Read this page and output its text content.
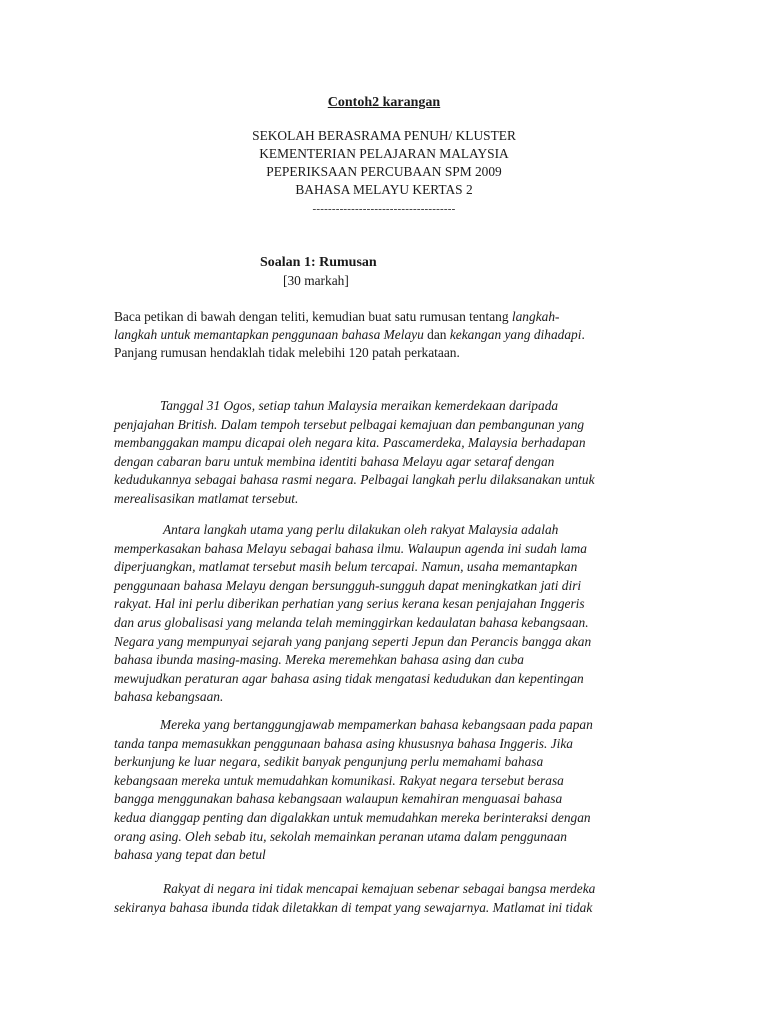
Contoh2 karangan
SEKOLAH BERASRAMA PENUH/ KLUSTER
KEMENTERIAN PELAJARAN MALAYSIA
PEPERIKSAAN PERCUBAAN SPM 2009
BAHASA MELAYU KERTAS 2
-------------------------------------
Soalan 1: Rumusan
[30 markah]
Baca petikan di bawah dengan teliti, kemudian buat satu rumusan tentang langkah-
langkah untuk memantapkan penggunaan bahasa Melayu dan kekangan yang dihadapi.
Panjang rumusan hendaklah tidak melebihi 120 patah perkataan.
Tanggal 31 Ogos, setiap tahun Malaysia meraikan kemerdekaan daripada
penjajahan British. Dalam tempoh tersebut pelbagai kemajuan dan pembangunan yang
membanggakan mampu dicapai oleh negara kita. Pascamerdeka, Malaysia berhadapan
dengan cabaran baru untuk membina identiti bahasa Melayu agar setaraf dengan
kedudukannya sebagai bahasa rasmi negara. Pelbagai langkah perlu dilaksanakan untuk
merealisasikan matlamat tersebut.
Antara langkah utama yang perlu dilakukan oleh rakyat Malaysia adalah
memperkasakan bahasa Melayu sebagai bahasa ilmu. Walaupun agenda ini sudah lama
diperjuangkan, matlamat tersebut masih belum tercapai. Namun, usaha memantapkan
penggunaan bahasa Melayu dengan bersungguh-sungguh dapat meningkatkan jati diri
rakyat. Hal ini perlu diberikan perhatian yang serius kerana kesan penjajahan Inggeris
dan arus globalisasi yang melanda telah meminggirkan kedaulatan bahasa kebangsaan.
Negara yang mempunyai sejarah yang panjang seperti Jepun dan Perancis bangga akan
bahasa ibunda masing-masing. Mereka meremehkan bahasa asing dan cuba
mewujudkan peraturan agar bahasa asing tidak mengatasi kedudukan dan kepentingan
bahasa kebangsaan.
Mereka yang bertanggungjawab mempamerkan bahasa kebangsaan pada papan
tanda tanpa memasukkan penggunaan bahasa asing khususnya bahasa Inggeris. Jika
berkunjung ke luar negara, sedikit banyak pengunjung perlu memahami bahasa
kebangsaan mereka untuk memudahkan komunikasi. Rakyat negara tersebut berasa
bangga menggunakan bahasa kebangsaan walaupun kemahiran menguasai bahasa
kedua dianggap penting dan digalakkan untuk memudahkan mereka berinteraksi dengan
orang asing. Oleh sebab itu, sekolah memainkan peranan utama dalam penggunaan
bahasa yang tepat dan betul
Rakyat di negara ini tidak mencapai kemajuan sebenar sebagai bangsa merdeka
sekiranya bahasa ibunda tidak diletakkan di tempat yang sewajarnya. Matlamat ini tidak
